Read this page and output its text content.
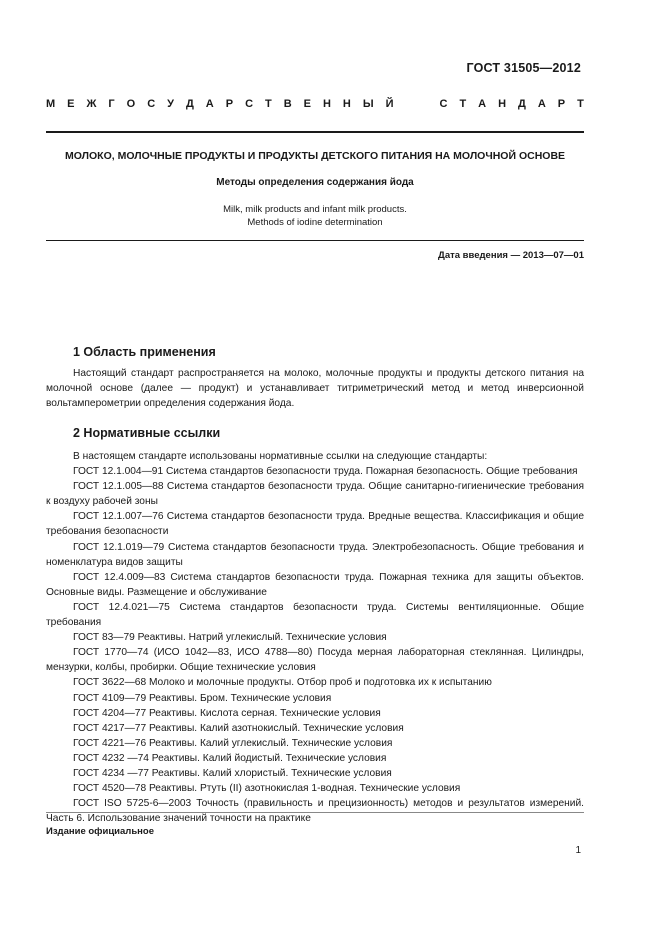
ГОСТ 31505—2012
М Е Ж Г О С У Д А Р С Т В Е Н Н Ы Й	С Т А Н Д А Р Т
МОЛОКО, МОЛОЧНЫЕ ПРОДУКТЫ И ПРОДУКТЫ ДЕТСКОГО ПИТАНИЯ НА МОЛОЧНОЙ ОСНОВЕ
Методы определения содержания йода
Milk, milk products and infant milk products.
Methods of iodine determination
Дата введения — 2013—07—01
1 Область применения

Настоящий стандарт распространяется на молоко, молочные продукты и продукты детского питания на молочной основе (далее — продукт) и устанавливает титриметрический метод и метод инверсионной вольтамперометрии определения содержания йода.

2 Нормативные ссылки

В настоящем стандарте использованы нормативные ссылки на следующие стандарты:

ГОСТ 12.1.004—91 Система стандартов безопасности труда. Пожарная безопасность. Общие требования

ГОСТ 12.1.005—88 Система стандартов безопасности труда. Общие санитарно-гигиенические требования к воздуху рабочей зоны

ГОСТ 12.1.007—76 Система стандартов безопасности труда. Вредные вещества. Классификация и общие требования безопасности

ГОСТ 12.1.019—79 Система стандартов безопасности труда. Электробезопасность. Общие требования и номенклатура видов защиты

ГОСТ 12.4.009—83 Система стандартов безопасности труда. Пожарная техника для защиты объектов. Основные виды. Размещение и обслуживание

ГОСТ 12.4.021—75 Система стандартов безопасности труда. Системы вентиляционные. Общие требования

ГОСТ 83—79 Реактивы. Натрий углекислый. Технические условия

ГОСТ 1770—74 (ИСО 1042—83, ИСО 4788—80) Посуда мерная лабораторная стеклянная. Цилиндры, мензурки, колбы, пробирки. Общие технические условия

ГОСТ 3622—68 Молоко и молочные продукты. Отбор проб и подготовка их к испытанию

ГОСТ 4109—79 Реактивы. Бром. Технические условия

ГОСТ 4204—77 Реактивы. Кислота серная. Технические условия

ГОСТ 4217—77 Реактивы. Калий азотнокислый. Технические условия

ГОСТ 4221—76 Реактивы. Калий углекислый. Технические условия

ГОСТ 4232 —74 Реактивы. Калий йодистый. Технические условия

ГОСТ 4234 —77 Реактивы. Калий хлористый. Технические условия

ГОСТ 4520—78 Реактивы. Ртуть (II) азотнокислая 1-водная. Технические условия

ГОСТ ISO 5725-6—2003 Точность (правильность и прецизионность) методов и результатов измерений. Часть 6. Использование значений точности на практике

Издание официальное
1
